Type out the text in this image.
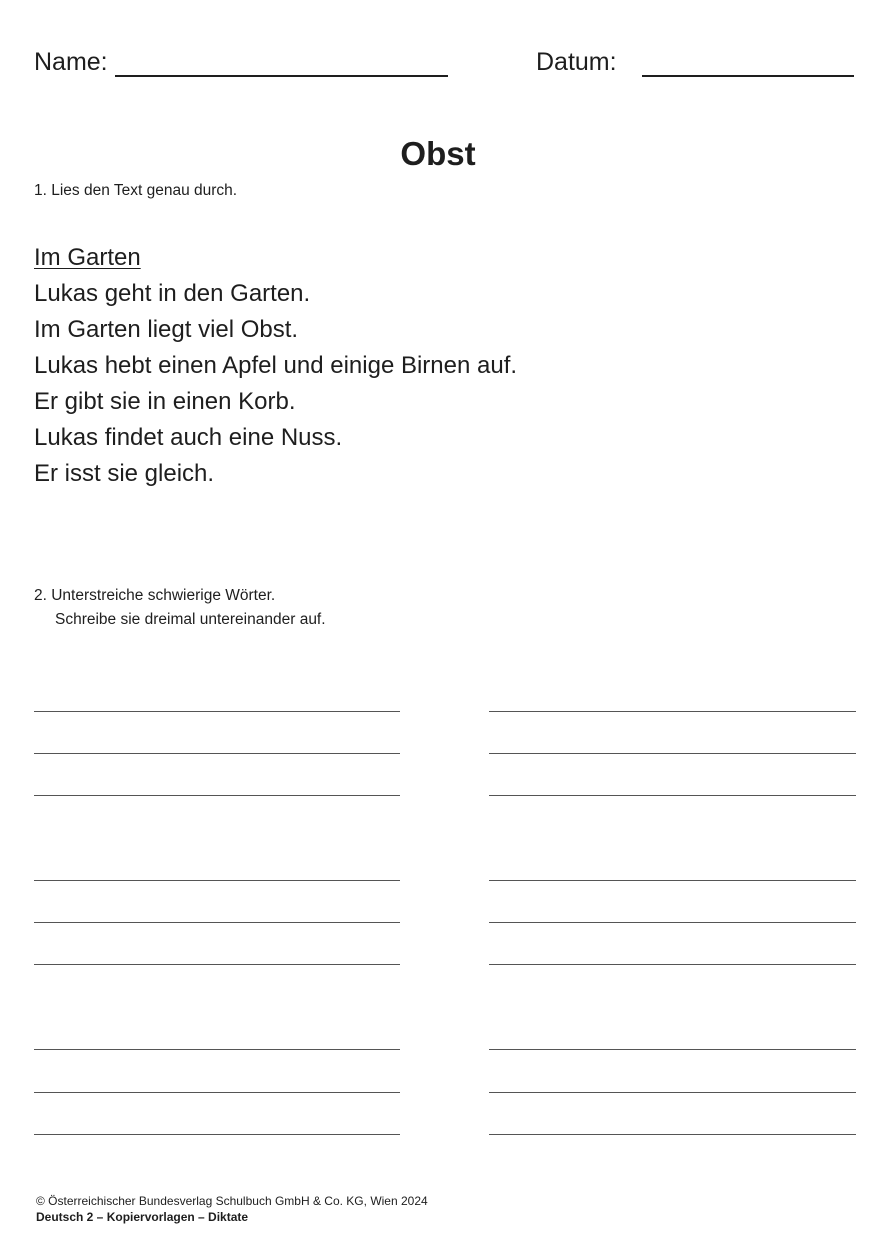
Name:	Datum:
Obst
1. Lies den Text genau durch.
Im Garten
Lukas geht in den Garten.
Im Garten liegt viel Obst.
Lukas hebt einen Apfel und einige Birnen auf.
Er gibt sie in einen Korb.
Lukas findet auch eine Nuss.
Er isst sie gleich.
2. Unterstreiche schwierige Wörter.
Schreibe sie dreimal untereinander auf.
© Österreichischer Bundesverlag Schulbuch GmbH & Co. KG, Wien 2024
Deutsch 2 – Kopiervorlagen – Diktate
